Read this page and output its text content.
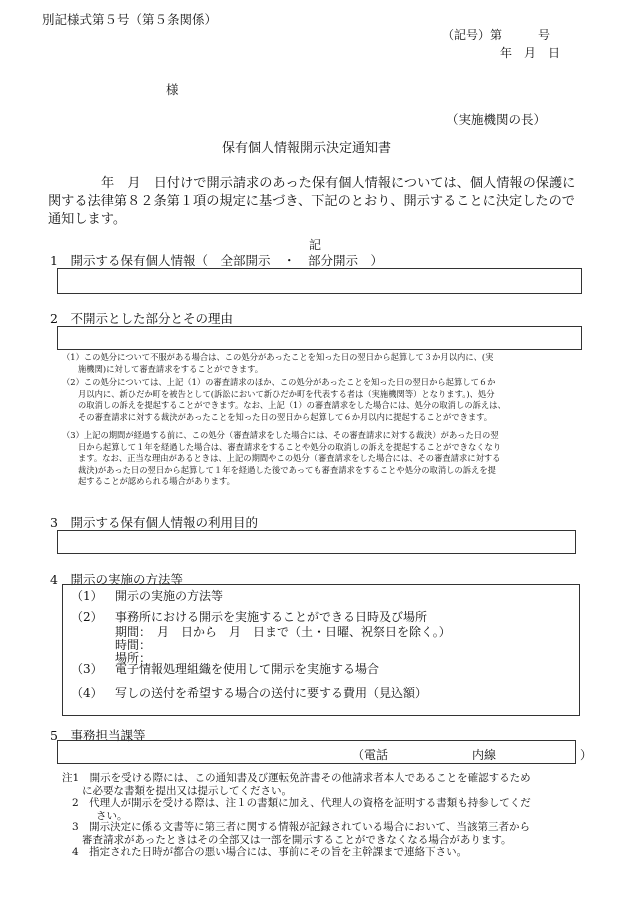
別記様式第５号（第５条関係）
（記号）第　　　号
年　月　日
様
（実施機関の長）
保有個人情報開示決定通知書
年　月　日付けで開示請求のあった保有個人情報については、個人情報の保護に
関する法律第８２条第１項の規定に基づき、下記のとおり、開示することに決定したので
通知します。
記
1　開示する保有個人情報（　全部開示　・　部分開示　）
2　不開示とした部分とその理由
（1）この処分について不服がある場合は、この処分があったことを知った日の翌日から起算して３か月以内に、(実
施機関)に対して審査請求をすることができます。
（2）この処分については、上記（1）の審査請求のほか、この処分があったことを知った日の翌日から起算して６か
月以内に、新ひだか町を被告として(訴訟において新ひだか町を代表する者は（実施機関等）となります。)、処分
の取消しの訴えを提起することができます。なお、上記（1）の審査請求をした場合には、処分の取消しの訴えは、
その審査請求に対する裁決があったことを知った日の翌日から起算して６か月以内に提起することができます。
（3）上記の期間が経過する前に、この処分（審査請求をした場合には、その審査請求に対する裁決）があった日の翌
日から起算して１年を経過した場合は、審査請求をすることや処分の取消しの訴えを提起することができなくなり
ます。なお、正当な理由があるときは、上記の期間やこの処分（審査請求をした場合には、その審査請求に対する
裁決)があった日の翌日から起算して１年を経過した後であっても審査請求をすることや処分の取消しの訴えを提
起することが認められる場合があります。
3　開示する保有個人情報の利用目的
4　開示の実施の方法等
（1） 開示の実施の方法等
（2） 事務所における開示を実施することができる日時及び場所
期間：　月　日から　月　日まで（土・日曜、祝祭日を除く。）
時間：
場所：
（3） 電子情報処理組織を使用して開示を実施する場合
（4） 写しの送付を希望する場合の送付に要する費用（見込額）
5　事務担当課等
（電話　　　　　　　内線　　　　　　　）
注1　開示を受ける際には、この通知書及び運転免許書その他請求者本人であることを確認するため
に必要な書類を提出又は提示してください。
2　代理人が開示を受ける際は、注１の書類に加え、代理人の資格を証明する書類も持参してくだ
さい。
3　開示決定に係る文書等に第三者に関する情報が記録されている場合において、当該第三者から
審査請求があったときはその全部又は一部を開示することができなくなる場合があります。
4　指定された日時が都合の悪い場合には、事前にその旨を主幹課まで連絡下さい。
